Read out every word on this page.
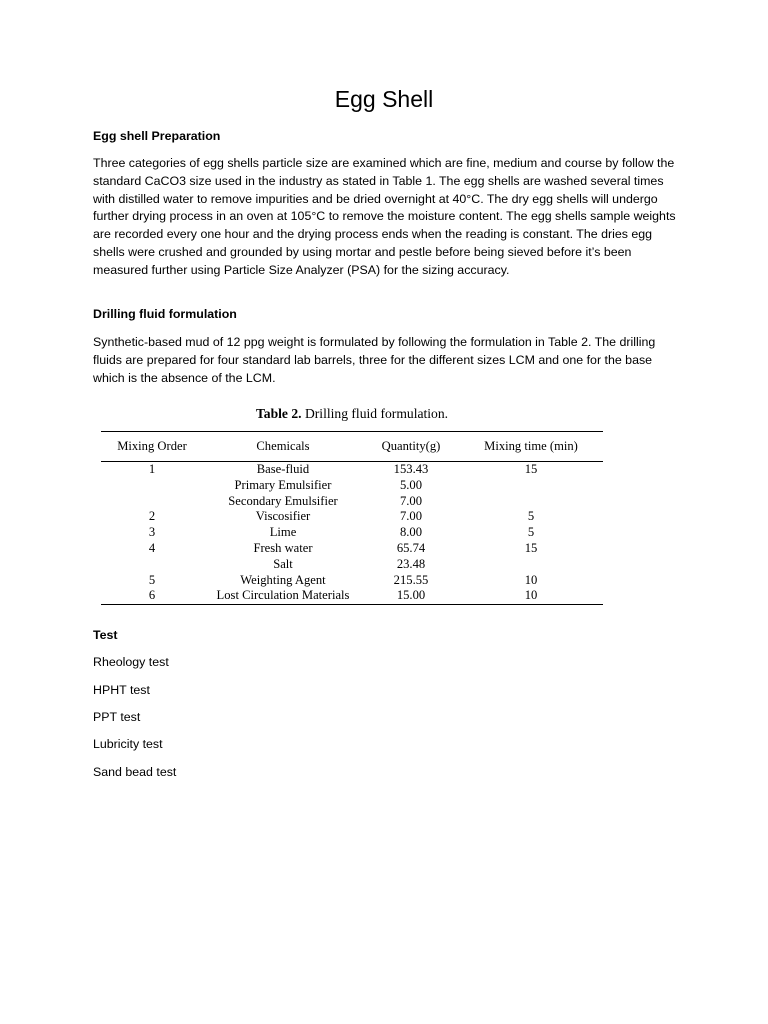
Egg Shell

Egg shell Preparation

Three categories of egg shells particle size are examined which are fine, medium and course by follow the standard CaCO3 size used in the industry as stated in Table 1. The egg shells are washed several times with distilled water to remove impurities and be dried overnight at 40°C. The dry egg shells will undergo further drying process in an oven at 105°C to remove the moisture content. The egg shells sample weights are recorded every one hour and the drying process ends when the reading is constant. The dries egg shells were crushed and grounded by using mortar and pestle before being sieved before it’s been measured further using Particle Size Analyzer (PSA) for the sizing accuracy.

Drilling fluid formulation

Synthetic-based mud of 12 ppg weight is formulated by following the formulation in Table 2. The drilling fluids are prepared for four standard lab barrels, three for the different sizes LCM and one for the base which is the absence of the LCM.

Table 2. Drilling fluid formulation.

Mixing Order	Chemicals	Quantity(g)	Mixing time (min)
1	Base-fluid	153.43	15
	Primary Emulsifier	5.00	
	Secondary Emulsifier	7.00	
2	Viscosifier	7.00	5
3	Lime	8.00	5
4	Fresh water	65.74	15
	Salt	23.48	
5	Weighting Agent	215.55	10
6	Lost Circulation Materials	15.00	10

Test

Rheology test

HPHT test

PPT test

Lubricity test

Sand bead test
